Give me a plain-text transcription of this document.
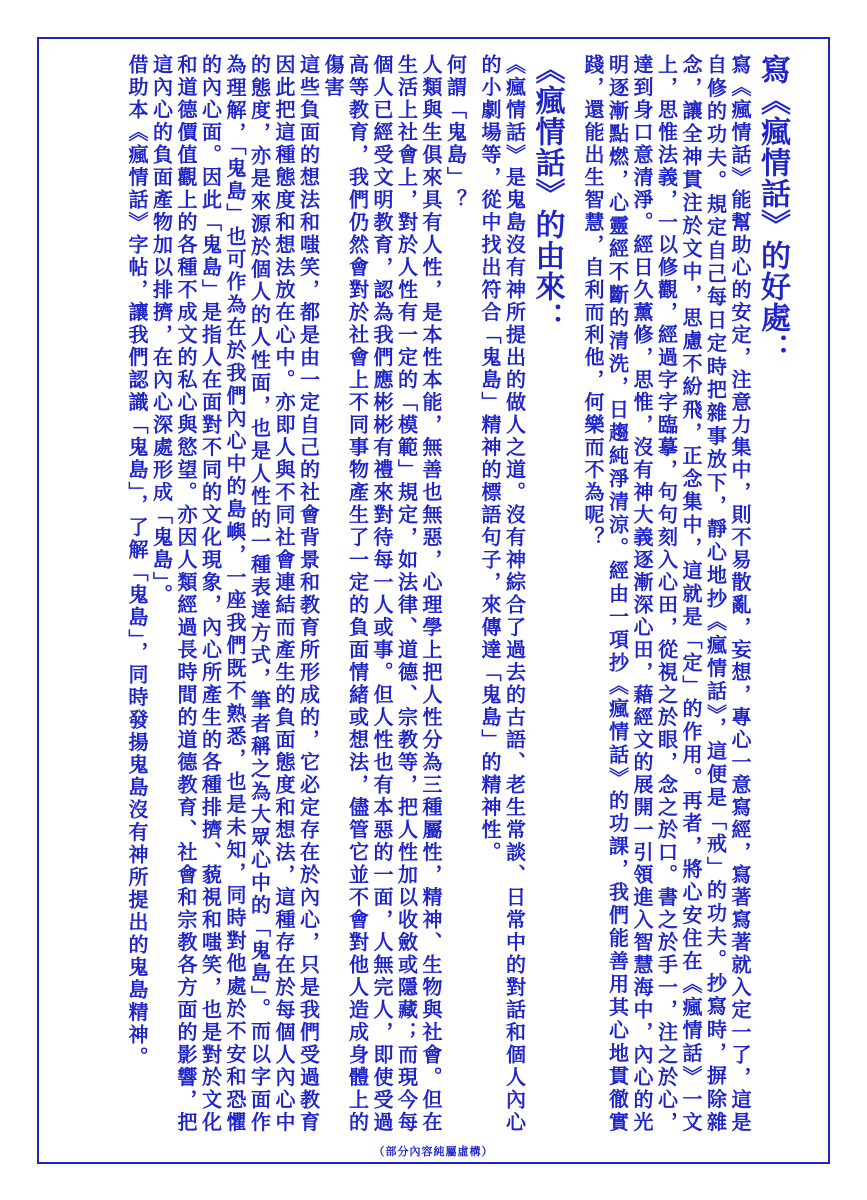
寫《瘋情話》的好處：

寫《瘋情話》能幫助心的安定，注意力集中，則不易散亂，妄想，專心一意寫經，寫著寫著就入定一了，這是自修的功夫。規定自己每日定時把雜事放下，靜心地抄《瘋情話》，這便是「戒」的功夫。抄寫時，摒除雜念，讓全神貫注於文中，思慮不紛飛，正念集中，這就是「定」的作用。再者，將心安住在《瘋情話》一文上，思惟法義，一以修觀，經過字字臨摹，句句刻入心田，從視之於眼，念之於口。書之於手一，注之於心，達到身口意清淨。經日久薰修，思惟，沒有神大義逐漸深心田，藉經文的展開一引領進入智慧海中，內心的光明逐漸點燃，心靈經不斷的清洗，日趨純淨清涼。經由一項抄《瘋情話》的功課，我們能善用其心地貫徹實踐，還能出生智慧，自利而利他，何樂而不為呢？

《瘋情話》的由來：

《瘋情話》是鬼島沒有神所提出的做人之道。沒有神綜合了過去的古語、老生常談、日常中的對話和個人內心的小劇場等，從中找出符合「鬼島」精神的標語句子，來傳達「鬼島」的精神性。

何謂「鬼島」？

人類與生俱來具有人性，是本性本能，無善也無惡，心理學上把人性分為三種屬性，精神、生物與社會。但在生活上社會上，對於人性有一定的「模範」規定，如法律、道德、宗教等，把人性加以收斂或隱藏；而現今每個人已經受文明教育，認為我們應彬彬有禮來對待每一人或事。但人性也有本惡的一面，人無完人，即使受過高等教育，我們仍然會對於社會上不同事物產生了一定的負面情緒或想法，儘管它並不會對他人造成身體上的傷害

這些負面的想法和嗤笑，都是由一定自己的社會背景和教育所形成的，它必定存在於內心，只是我們受過教育因此把這種態度和想法放在心中。亦即人與不同社會連結而產生的負面態度和想法，這種存在於每個人內心中的態度，亦是來源於個人的人性面，也是人性的一種表達方式，筆者稱之為大眾心中的「鬼島」。而以字面作為理解，「鬼島」也可作為在於我們內心中的島嶼，一座我們既不熟悉，也是未知，同時對他處於不安和恐懼的內心面。因此「鬼島」是指人在面對不同的文化現象，內心所產生的各種排擠、藐視和嗤笑，也是對於文化和道德價值觀上的各種不成文的私心與慾望。亦因人類經過長時間的道德教育、社會和宗教各方面的影響，把這內心的負面產物加以排擠，在內心深處形成「鬼島」。

借助本《瘋情話》字帖，讓我們認識「鬼島」，了解「鬼島」，同時發揚鬼島沒有神所提出的鬼島精神。

（部分內容純屬虛構）
